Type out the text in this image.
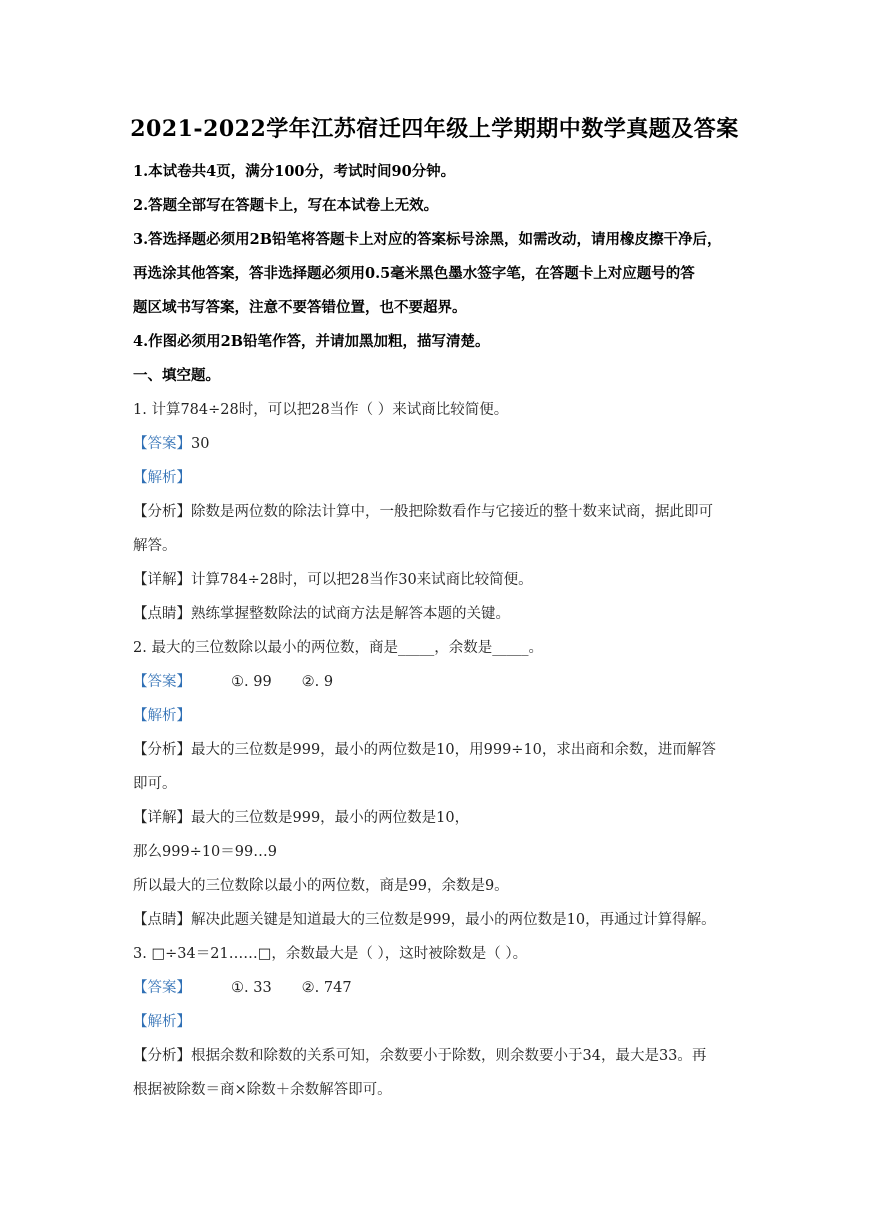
2021-2022学年江苏宿迁四年级上学期期中数学真题及答案
1.本试卷共4页，满分100分，考试时间90分钟。
2.答题全部写在答题卡上，写在本试卷上无效。
3.答选择题必须用2B铅笔将答题卡上对应的答案标号涂黑，如需改动，请用橡皮擦干净后，
再选涂其他答案，答非选择题必须用0.5毫米黑色墨水签字笔，在答题卡上对应题号的答
题区域书写答案，注意不要答错位置，也不要超界。
4.作图必须用2B铅笔作答，并请加黑加粗，描写清楚。
一、填空题。
1. 计算784÷28时，可以把28当作（ ）来试商比较简便。
【答案】30
【解析】
【分析】除数是两位数的除法计算中，一般把除数看作与它接近的整十数来试商，据此即可
解答。
【详解】计算784÷28时，可以把28当作30来试商比较简便。
【点睛】熟练掌握整数除法的试商方法是解答本题的关键。
2. 最大的三位数除以最小的两位数，商是_____，余数是_____。
【答案】	①. 99 ②. 9
【解析】
【分析】最大的三位数是999，最小的两位数是10，用999÷10，求出商和余数，进而解答
即可。
【详解】最大的三位数是999，最小的两位数是10，
那么999÷10＝99…9
所以最大的三位数除以最小的两位数，商是99，余数是9。
【点睛】解决此题关键是知道最大的三位数是999，最小的两位数是10，再通过计算得解。
3. □÷34＝21……□，余数最大是（ ），这时被除数是（ ）。
【答案】	①. 33 ②. 747
【解析】
【分析】根据余数和除数的关系可知，余数要小于除数，则余数要小于34，最大是33。再
根据被除数＝商×除数＋余数解答即可。
